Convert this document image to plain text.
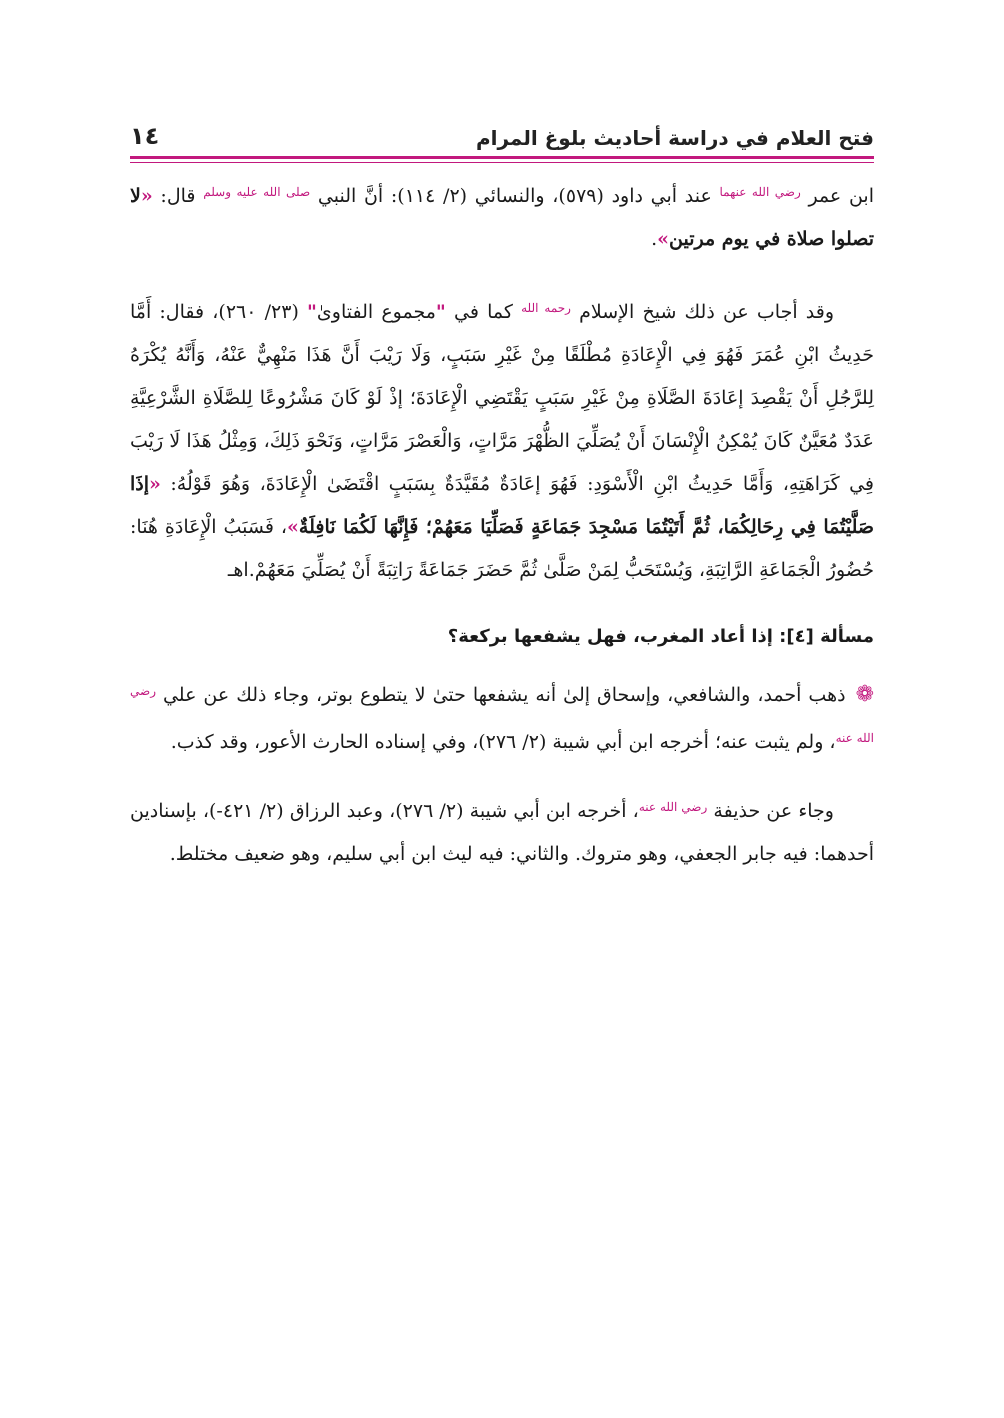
فتح العلام في دراسة أحاديث بلوغ المرام
١٤

ابن عمر $^{رضي الله عنهما}$ عند أبي داود (٥٧٩)، والنسائي (٢/ ١١٤): أنَّ النبي $^{صلى الله عليه وسلم}$ قال: «لا تصلوا صلاة في يوم مرتين».

وقد أجاب عن ذلك شيخ الإسلام $^{رحمه الله}$ كما في "مجموع الفتاوىٰ" (٢٣/ ٢٦٠)، فقال: أَمَّا حَدِيثُ ابْنِ عُمَرَ فَهُوَ فِي الْإِعَادَةِ مُطْلَقًا مِنْ غَيْرِ سَبَبٍ، وَلَا رَيْبَ أَنَّ هَذَا مَنْهِيٌّ عَنْهُ، وَأَنَّهُ يُكْرَهُ لِلرَّجُلِ أَنْ يَقْصِدَ إعَادَةَ الصَّلَاةِ مِنْ غَيْرِ سَبَبٍ يَقْتَضِي الْإِعَادَةَ؛ إذْ لَوْ كَانَ مَشْرُوعًا لِلصَّلَاةِ الشَّرْعِيَّةِ عَدَدٌ مُعَيَّنٌ كَانَ يُمْكِنُ الْإِنْسَانَ أَنْ يُصَلِّيَ الظُّهْرَ مَرَّاتٍ، وَالْعَصْرَ مَرَّاتٍ، وَنَحْوَ ذَلِكَ، وَمِثْلُ هَذَا لَا رَيْبَ فِي كَرَاهَتِهِ، وَأَمَّا حَدِيثُ ابْنِ الْأَسْوَدِ: فَهُوَ إعَادَةٌ مُقَيَّدَةٌ بِسَبَبٍ اقْتَضَىٰ الْإِعَادَةَ، وَهُوَ قَوْلُهُ: «إذَا صَلَّيْتُمَا فِي رِحَالِكُمَا، ثُمَّ أَتَيْتُمَا مَسْجِدَ جَمَاعَةٍ فَصَلِّيَا مَعَهُمْ؛ فَإِنَّهَا لَكُمَا نَافِلَةٌ»، فَسَبَبُ الْإِعَادَةِ هُنَا: حُضُورُ الْجَمَاعَةِ الرَّاتِبَةِ، وَيُسْتَحَبُّ لِمَنْ صَلَّىٰ ثُمَّ حَضَرَ جَمَاعَةً رَاتِبَةً أَنْ يُصَلِّيَ مَعَهُمْ.اهـ

مسألة [٤]: إذا أعاد المغرب، فهل يشفعها بركعة؟

❁ذهب أحمد، والشافعي، وإسحاق إلىٰ أنه يشفعها حتىٰ لا يتطوع بوتر، وجاء ذلك عن علي $^{رضي الله عنه}$، ولم يثبت عنه؛ أخرجه ابن أبي شيبة (٢/ ٢٧٦)، وفي إسناده الحارث الأعور، وقد كذب.

وجاء عن حذيفة $^{رضي الله عنه}$، أخرجه ابن أبي شيبة (٢/ ٢٧٦)، وعبد الرزاق (٢/ ٤٢١-)، بإسنادين أحدهما: فيه جابر الجعفي، وهو متروك. والثاني: فيه ليث ابن أبي سليم، وهو ضعيف مختلط.
